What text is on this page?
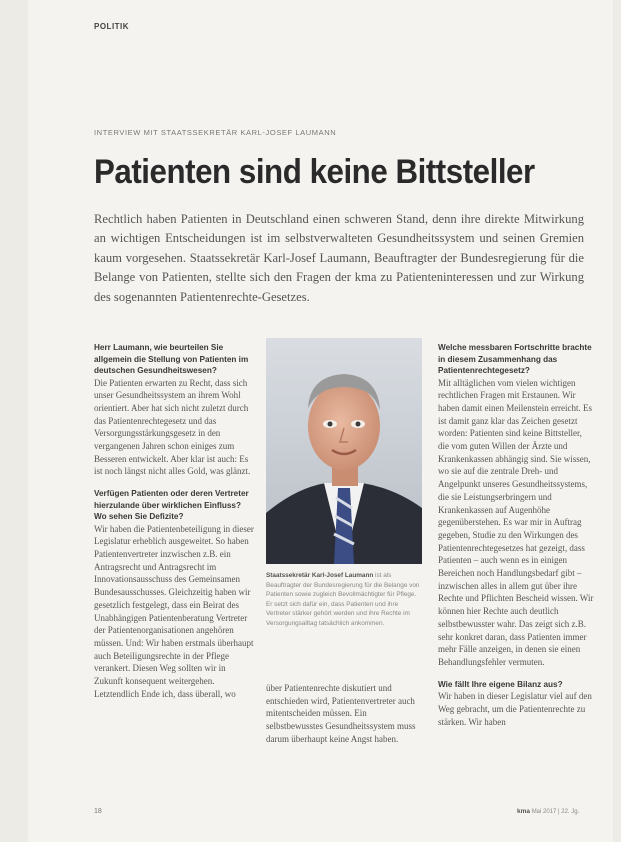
POLITIK
INTERVIEW MIT STAATSSEKRETÄR KARL-JOSEF LAUMANN
Patienten sind keine Bittsteller
Rechtlich haben Patienten in Deutschland einen schweren Stand, denn ihre direkte Mitwirkung an wichtigen Entscheidungen ist im selbstverwalteten Gesundheitssystem und seinen Gremien kaum vorgesehen. Staatssekretär Karl-Josef Laumann, Beauftragter der Bundesregierung für die Belange von Patienten, stellte sich den Fragen der kma zu Patienteninteressen und zur Wirkung des sogenannten Patientenrechte-Gesetzes.

Herr Laumann, wie beurteilen Sie allgemein die Stellung von Patienten im deutschen Gesundheitswesen?

Die Patienten erwarten zu Recht, dass sich unser Gesundheitssystem an ihrem Wohl orientiert. Aber hat sich nicht zuletzt durch das Patientenrechtegesetz und das Versorgungsstärkungsgesetz in den vergangenen Jahren schon einiges zum Besseren entwickelt. Aber klar ist auch: Es ist noch längst nicht alles Gold, was glänzt.

Verfügen Patienten oder deren Vertreter hierzulande über wirklichen Einfluss? Wo sehen Sie Defizite?

Wir haben die Patientenbeteiligung in dieser Legislatur erheblich ausgeweitet. So haben Patientenvertreter inzwischen z.B. ein Antragsrecht und Antragsrecht im Innovationsausschuss des Gemeinsamen Bundesausschusses. Gleichzeitig haben wir gesetzlich festgelegt, dass ein Beirat des Unabhängigen Patientenberatung Vertreter der Patientenorganisationen angehören müssen. Und: Wir haben erstmals überhaupt auch Beteiligungsrechte in der Pflege verankert. Diesen Weg sollten wir in Zukunft konsequent weitergehen. Letztendlich Ende ich, dass überall, wo

Staatssekretär Karl-Josef Laumann ist als Beauftragter der Bundesregierung für die Belange von Patienten sowie zugleich Bevollmächtigter für Pflege. Er setzt sich dafür ein, dass Patienten und ihre Vertreter stärker gehört werden und ihre Rechte im Versorgungsalltag tatsächlich ankommen.
über Patientenrechte diskutiert und entschieden wird, Patientenvertreter auch mitentscheiden müssen. Ein selbstbewusstes Gesundheitssystem muss darum überhaupt keine Angst haben.

Welche messbaren Fortschritte brachte in diesem Zusammenhang das Patientenrechtegesetz?

Mit alltäglichen vom vielen wichtigen rechtlichen Fragen mit Erstaunen. Wir haben damit einen Meilenstein erreicht. Es ist damit ganz klar das Zeichen gesetzt worden: Patienten sind keine Bittsteller, die vom guten Willen der Ärzte und Krankenkassen abhängig sind. Sie wissen, wo sie auf die zentrale Dreh- und Angelpunkt unseres Gesundheitssystems, die sie Leistungserbringern und Krankenkassen auf Augenhöhe gegenüberstehen. Es war mir in Auftrag gegeben, Studie zu den Wirkungen des Patientenrechtegesetzes hat gezeigt, dass Patienten – auch wenn es in einigen Bereichen noch Handlungsbedarf gibt – inzwischen alles in allem gut über ihre Rechte und Pflichten Bescheid wissen. Wir können hier Rechte auch deutlich selbstbewusster wahr. Das zeigt sich z.B. sehr konkret daran, dass Patienten immer mehr Fälle anzeigen, in denen sie einen Behandlungsfehler vermuten.

Wie fällt Ihre eigene Bilanz aus?

Wir haben in dieser Legislatur viel auf den Weg gebracht, um die Patientenrechte zu stärken. Wir haben

18	kma Mai 2017 | 22. Jg.
